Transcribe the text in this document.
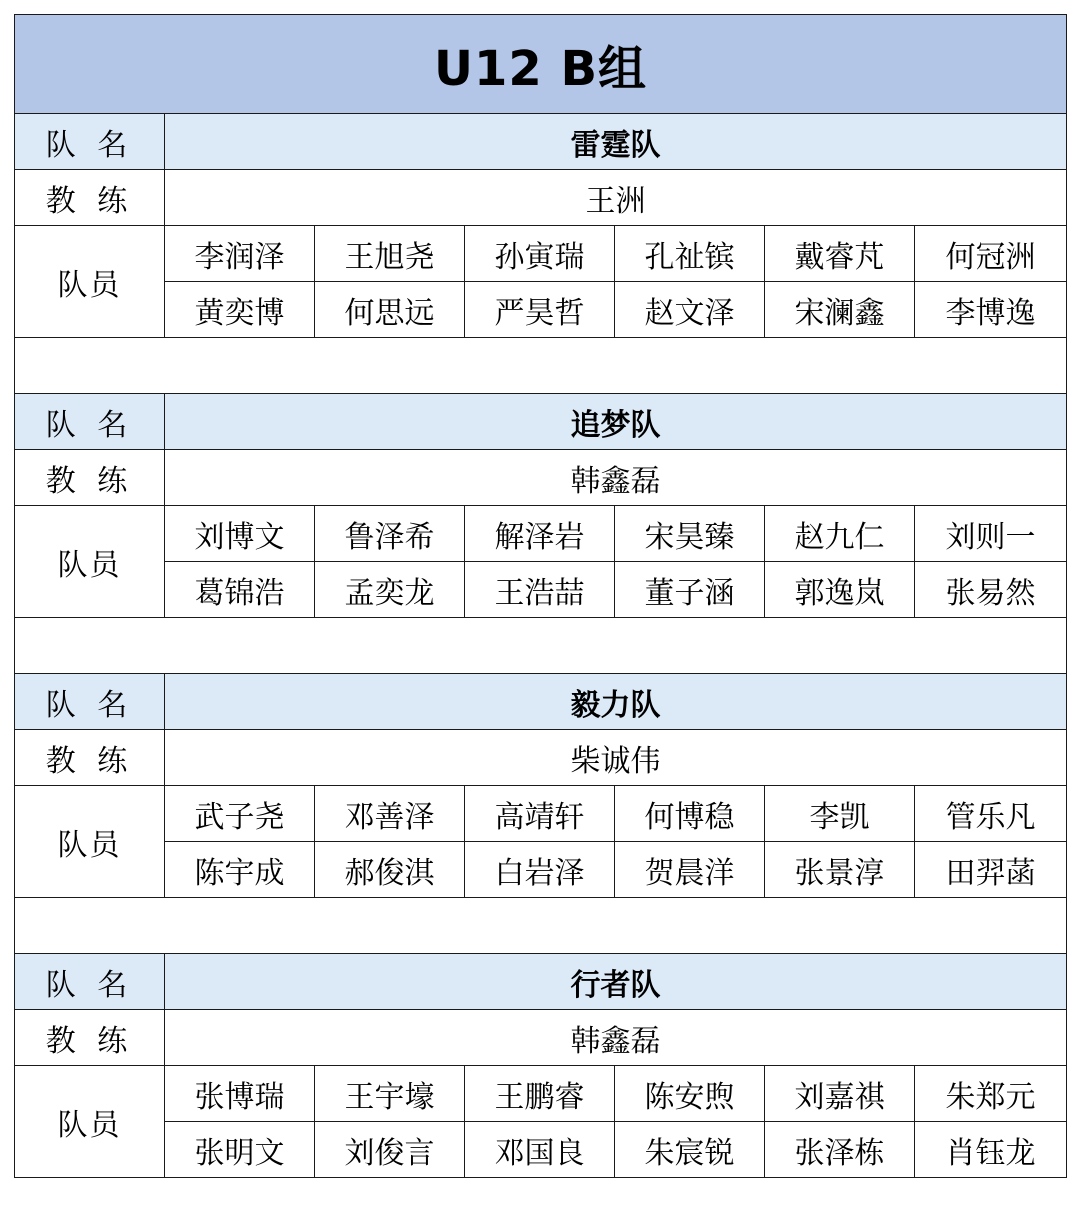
U12 B组						
队 名	雷霆队					
教 练	王洲					
队员	李润泽	王旭尧	孙寅瑞	孔祉镔	戴睿芃	何冠洲
	黄奕博	何思远	严昊哲	赵文泽	宋澜鑫	李博逸

队 名	追梦队					
教 练	韩鑫磊					
队员	刘博文	鲁泽希	解泽岩	宋昊臻	赵九仁	刘则一
	葛锦浩	孟奕龙	王浩喆	董子涵	郭逸岚	张易然

队 名	毅力队					
教 练	柴诚伟					
队员	武子尧	邓善泽	高靖轩	何博稳	李凯	管乐凡
	陈宇成	郝俊淇	白岩泽	贺晨洋	张景淳	田羿菡

队 名	行者队					
教 练	韩鑫磊					
队员	张博瑞	王宇壕	王鹏睿	陈安煦	刘嘉祺	朱郑元
	张明文	刘俊言	邓国良	朱宸锐	张泽栋	肖钰龙
